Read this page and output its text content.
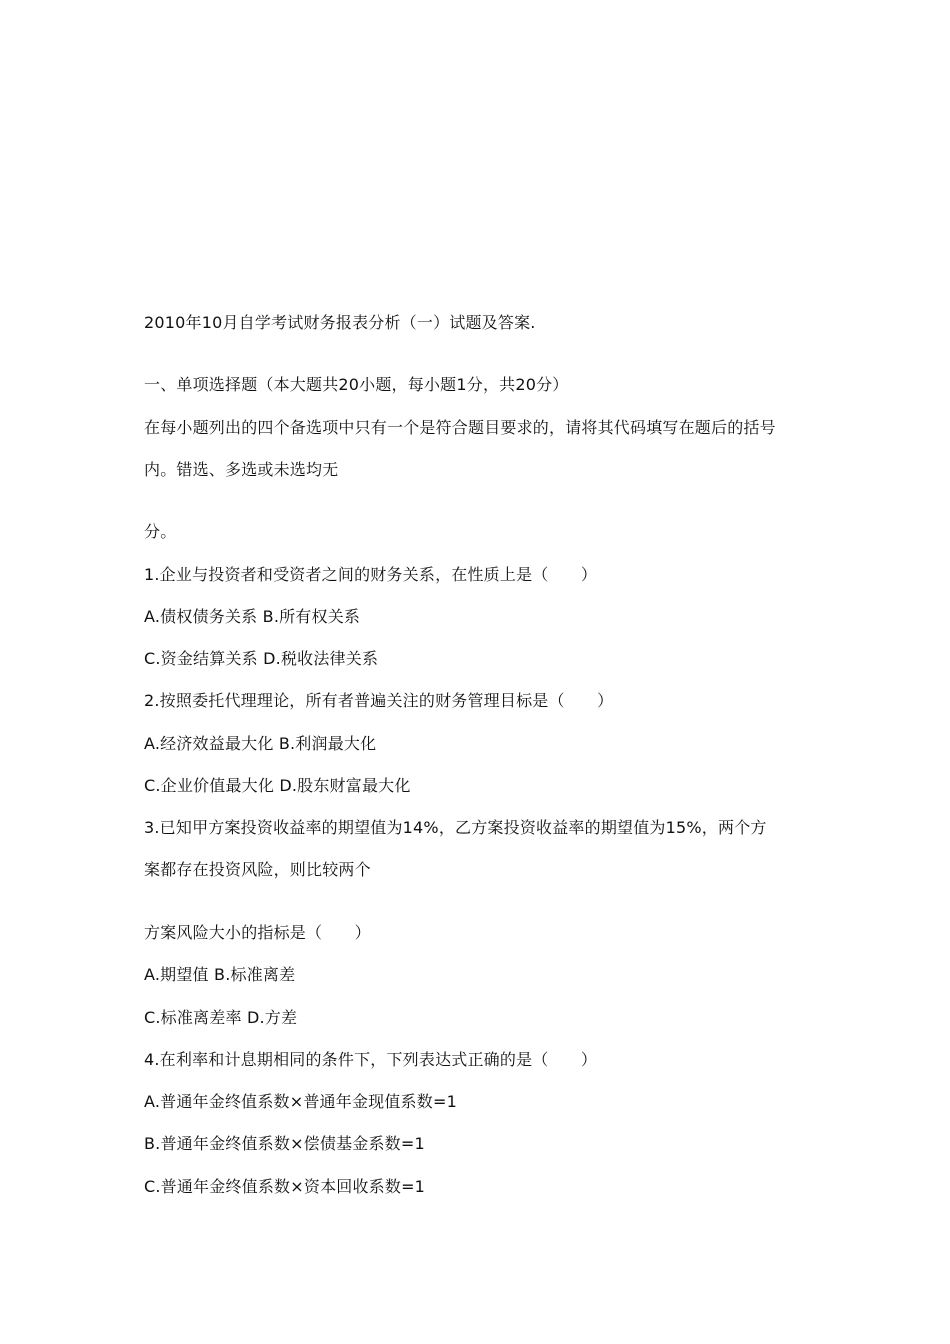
2010年10月自学考试财务报表分析（一）试题及答案.
一、单项选择题（本大题共20小题，每小题1分，共20分）
在每小题列出的四个备选项中只有一个是符合题目要求的，请将其代码填写在题后的括号
内。错选、多选或未选均无
分。
1.企业与投资者和受资者之间的财务关系，在性质上是（　　）
A.债权债务关系 B.所有权关系
C.资金结算关系 D.税收法律关系
2.按照委托代理理论，所有者普遍关注的财务管理目标是（　　）
A.经济效益最大化 B.利润最大化
C.企业价值最大化 D.股东财富最大化
3.已知甲方案投资收益率的期望值为14%，乙方案投资收益率的期望值为15%，两个方
案都存在投资风险，则比较两个
方案风险大小的指标是（　　）
A.期望值 B.标准离差
C.标准离差率 D.方差
4.在利率和计息期相同的条件下，下列表达式正确的是（　　）
A.普通年金终值系数×普通年金现值系数=1
B.普通年金终值系数×偿债基金系数=1
C.普通年金终值系数×资本回收系数=1
